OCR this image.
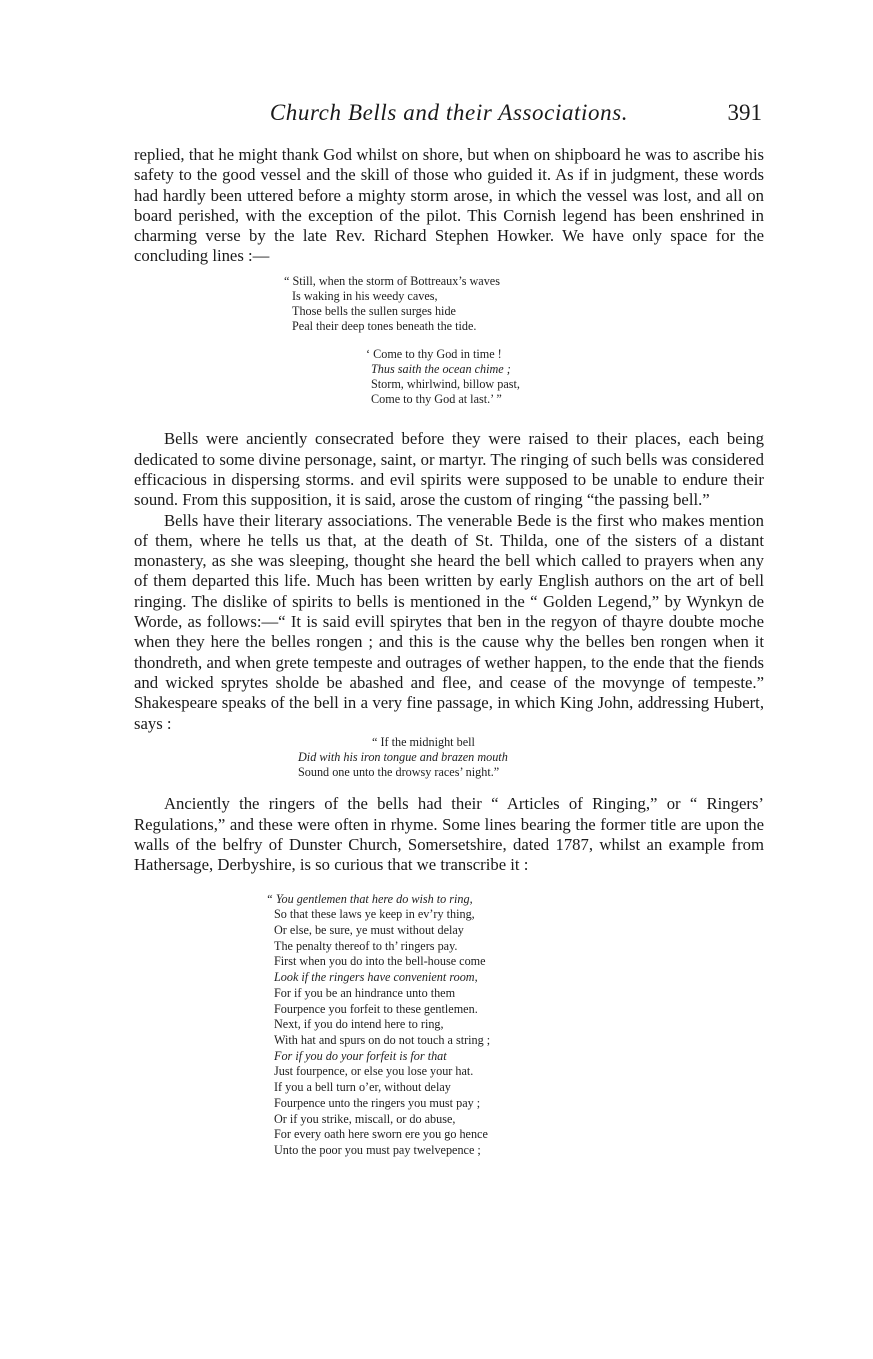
Church Bells and their Associations.	391

replied, that he might thank God whilst on shore, but when on shipboard he was to ascribe his safety to the good vessel and the skill of those who guided it. As if in judgment, these words had hardly been uttered before a mighty storm arose, in which the vessel was lost, and all on board perished, with the exception of the pilot. This Cornish legend has been enshrined in charming verse by the late Rev. Richard Stephen Howker. We have only space for the concluding lines :—

“ Still, when the storm of Bottreaux’s waves
Is waking in his weedy caves,
Those bells the sullen surges hide
Peal their deep tones beneath the tide.
‘ Come to thy God in time !
Thus saith the ocean chime ;
Storm, whirlwind, billow past,
Come to thy God at last.’ ”

Bells were anciently consecrated before they were raised to their places, each being dedicated to some divine personage, saint, or martyr. The ringing of such bells was considered efficacious in dispersing storms. and evil spirits were supposed to be unable to endure their sound. From this supposition, it is said, arose the custom of ringing “the passing bell.”

Bells have their literary associations. The venerable Bede is the first who makes mention of them, where he tells us that, at the death of St. Thilda, one of the sisters of a distant monastery, as she was sleeping, thought she heard the bell which called to prayers when any of them departed this life. Much has been written by early English authors on the art of bell ringing. The dislike of spirits to bells is mentioned in the “ Golden Legend,” by Wynkyn de Worde, as follows:—“ It is said evill spirytes that ben in the regyon of thayre doubte moche when they here the belles rongen ; and this is the cause why the belles ben rongen when it thondreth, and when grete tempeste and outrages of wether happen, to the ende that the fiends and wicked sprytes sholde be abashed and flee, and cease of the movynge of tempeste.” Shakespeare speaks of the bell in a very fine passage, in which King John, addressing Hubert, says :

“ If the midnight bell
Did with his iron tongue and brazen mouth
Sound one unto the drowsy races’ night.”

Anciently the ringers of the bells had their “ Articles of Ringing,” or “ Ringers’ Regulations,” and these were often in rhyme. Some lines bearing the former title are upon the walls of the belfry of Dunster Church, Somersetshire, dated 1787, whilst an example from Hathersage, Derbyshire, is so curious that we transcribe it :

“ You gentlemen that here do wish to ring,
So that these laws ye keep in ev’ry thing,
Or else, be sure, ye must without delay
The penalty thereof to th’ ringers pay.
First when you do into the bell-house come
Look if the ringers have convenient room,
For if you be an hindrance unto them
Fourpence you forfeit to these gentlemen.
Next, if you do intend here to ring,
With hat and spurs on do not touch a string ;
For if you do your forfeit is for that
Just fourpence, or else you lose your hat.
If you a bell turn o’er, without delay
Fourpence unto the ringers you must pay ;
Or if you strike, miscall, or do abuse,
For every oath here sworn ere you go hence
Unto the poor you must pay twelvepence ;
